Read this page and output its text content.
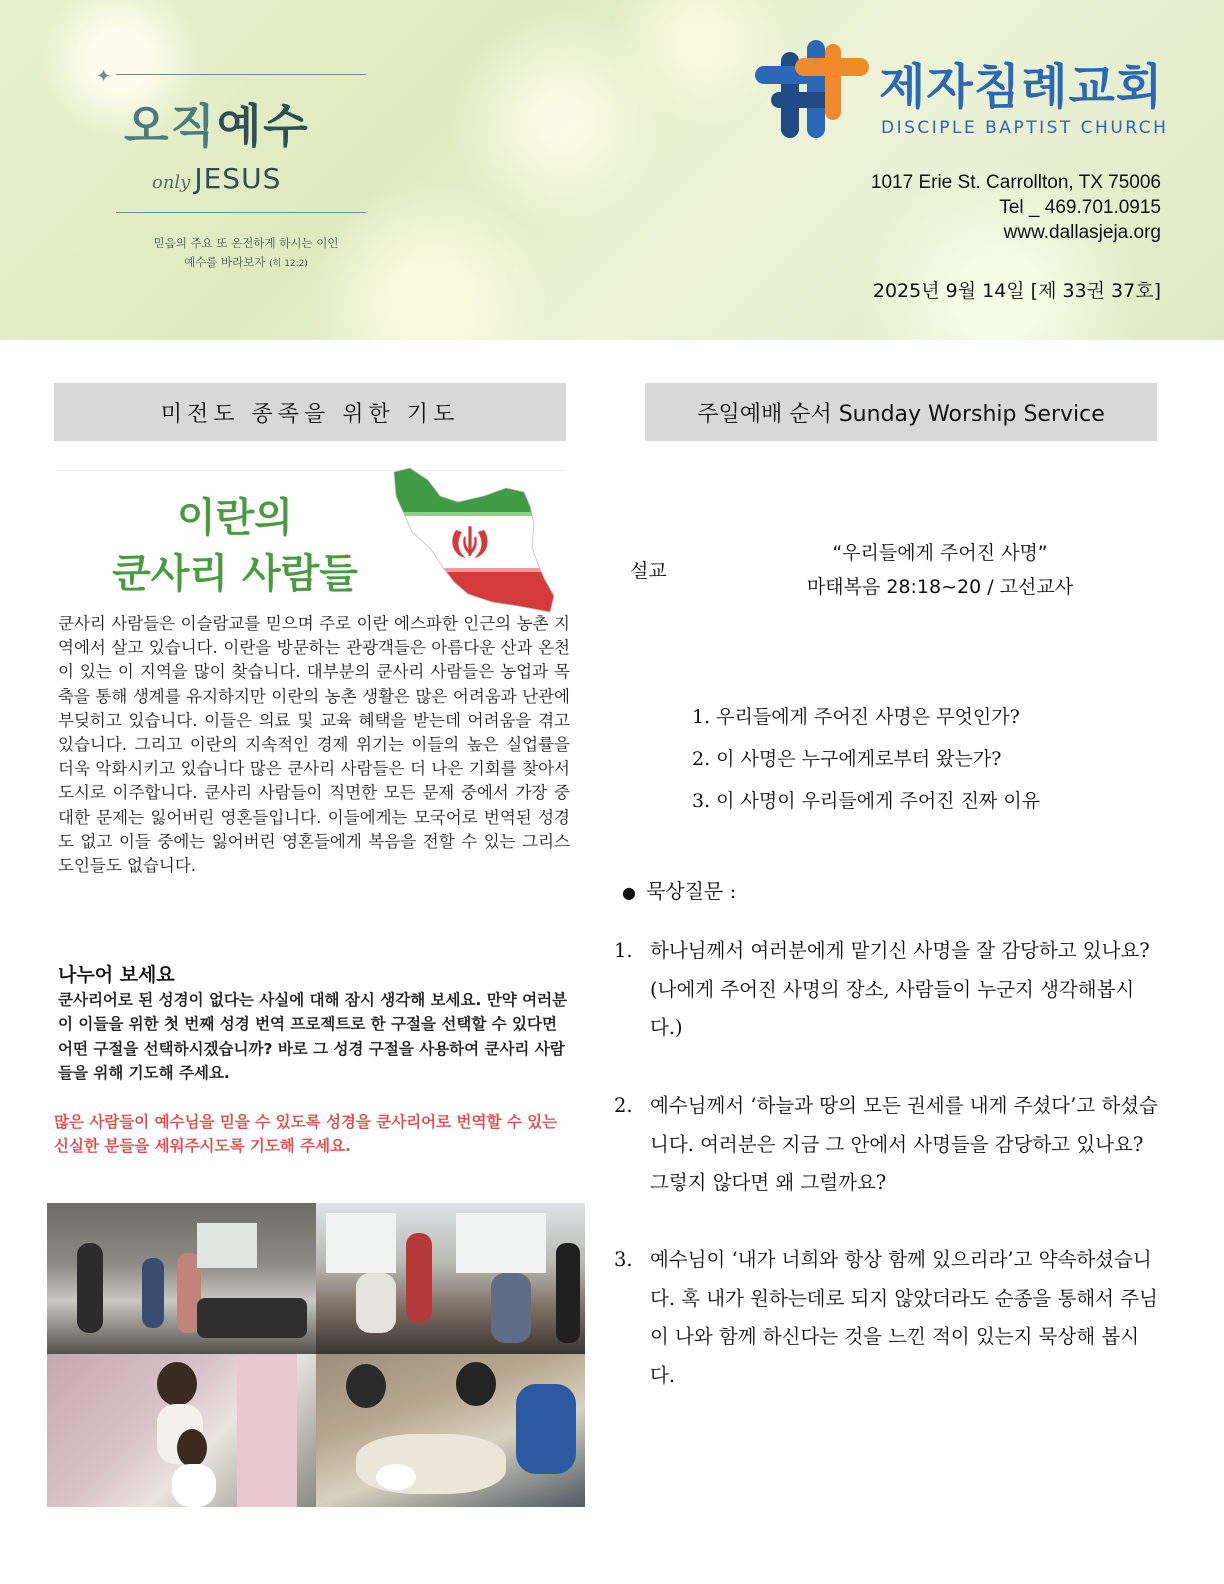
✦
오직예수
only JESUS
믿음의 주요 또 온전하게 하시는 이인
예수를 바라보자 (히 12:2)
제자침례교회
DISCIPLE BAPTIST CHURCH
1017 Erie St. Carrollton, TX 75006
Tel _ 469.701.0915
www.dallasjeja.org
2025년 9월 14일 [제 33권 37호]
미전도 종족을 위한 기도
이란의
쿤사리 사람들
쿤사리 사람들은 이슬람교를 믿으며 주로 이란 에스파한 인근의 농촌 지역에서 살고 있습니다. 이란을 방문하는 관광객들은 아름다운 산과 온천이 있는 이 지역을 많이 찾습니다. 대부분의 쿤사리 사람들은 농업과 목축을 통해 생계를 유지하지만 이란의 농촌 생활은 많은 어려움과 난관에 부딪히고 있습니다. 이들은 의료 및 교육 혜택을 받는데 어려움을 겪고 있습니다. 그리고 이란의 지속적인 경제 위기는 이들의 높은 실업률을 더욱 악화시키고 있습니다 많은 쿤사리 사람들은 더 나은 기회를 찾아서 도시로 이주합니다. 쿤사리 사람들이 직면한 모든 문제 중에서 가장 중대한 문제는 잃어버린 영혼들입니다. 이들에게는 모국어로 번역된 성경도 없고 이들 중에는 잃어버린 영혼들에게 복음을 전할 수 있는 그리스도인들도 없습니다.
나누어 보세요
쿤사리어로 된 성경이 없다는 사실에 대해 잠시 생각해 보세요. 만약 여러분이 이들을 위한 첫 번째 성경 번역 프로젝트로 한 구절을 선택할 수 있다면 어떤 구절을 선택하시겠습니까? 바로 그 성경 구절을 사용하여 쿤사리 사람들을 위해 기도해 주세요.
많은 사람들이 예수님을 믿을 수 있도록 성경을 쿤사리어로 번역할 수 있는 신실한 분들을 세워주시도록 기도해 주세요.
주일예배 순서 Sunday Worship Service
설교
“우리들에게 주어진 사명”
마태복음 28:18~20 / 고선교사
1. 우리들에게 주어진 사명은 무엇인가?
2. 이 사명은 누구에게로부터 왔는가?
3. 이 사명이 우리들에게 주어진 진짜 이유
● 묵상질문 :
1. 하나님께서 여러분에게 맡기신 사명을 잘 감당하고 있나요? (나에게 주어진 사명의 장소, 사람들이 누군지 생각해봅시다.)
2. 예수님께서 ‘하늘과 땅의 모든 권세를 내게 주셨다’고 하셨습니다. 여러분은 지금 그 안에서 사명들을 감당하고 있나요? 그렇지 않다면 왜 그럴까요?
3. 예수님이 ‘내가 너희와 항상 함께 있으리라’고 약속하셨습니다. 혹 내가 원하는데로 되지 않았더라도 순종을 통해서 주님이 나와 함께 하신다는 것을 느낀 적이 있는지 묵상해 봅시다.
